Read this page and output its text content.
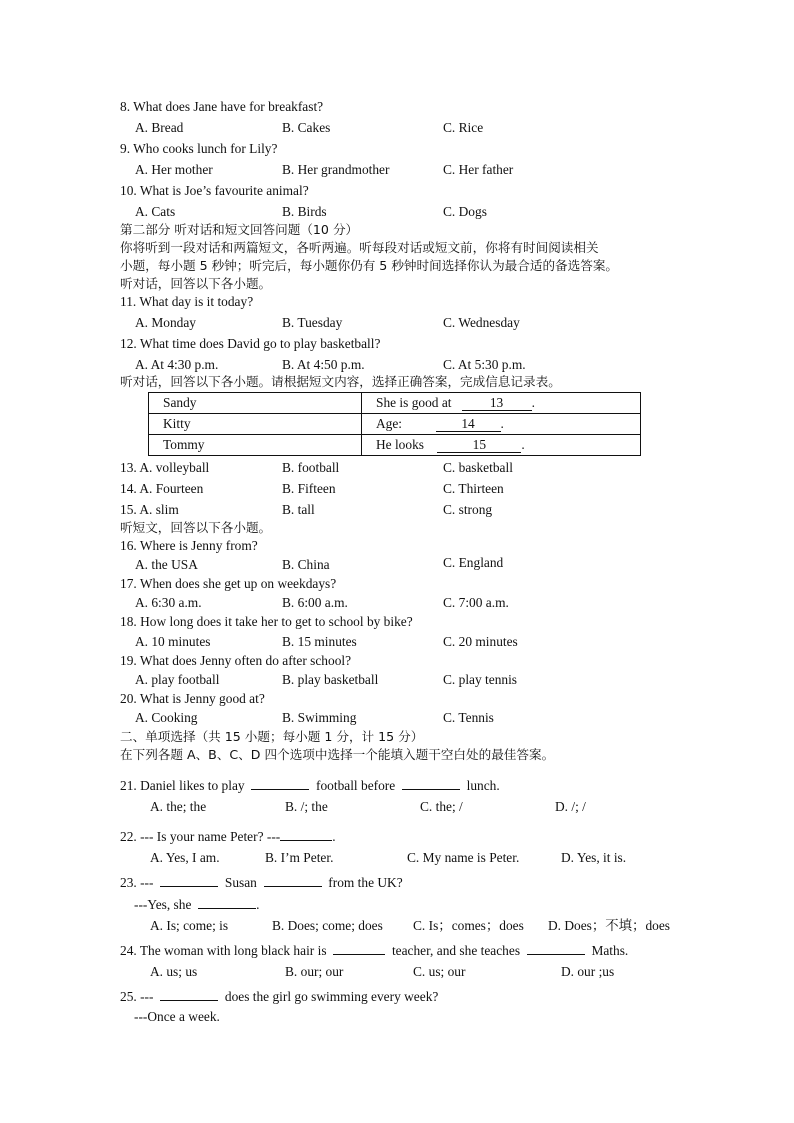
8. What does Jane have for breakfast?
A. Bread	B. Cakes	C. Rice
9. Who cooks lunch for Lily?
A. Her mother	B. Her grandmother	C. Her father
10. What is Joe’s favourite animal?
A. Cats	B. Birds	C. Dogs
第二部分 听对话和短文回答问题（10 分）
你将听到一段对话和两篇短文，各听两遍。听每段对话或短文前，你将有时间阅读相关
小题，每小题 5 秒钟；听完后，每小题你仍有 5 秒钟时间选择你认为最合适的备选答案。
听对话，回答以下各小题。
11. What day is it today?
A. Monday	B. Tuesday	C. Wednesday
12. What time does David go to play basketball?
A. At 4:30 p.m.	B. At 4:50 p.m.	C. At 5:30 p.m.
听对话，回答以下各小题。请根据短文内容，选择正确答案，完成信息记录表。
Sandy	She is good at 13 .
Kitty	Age: 14 .
Tommy	He looks 15 .
13. A. volleyball	B. football	C. basketball
14. A. Fourteen	B. Fifteen	C. Thirteen
15. A. slim	B. tall	C. strong
听短文，回答以下各小题。
16. Where is Jenny from?
A. the USA	B. China	C. England
17. When does she get up on weekdays?
A. 6:30 a.m.	B. 6:00 a.m.	C. 7:00 a.m.
18. How long does it take her to get to school by bike?
A. 10 minutes	B. 15 minutes	C. 20 minutes
19. What does Jenny often do after school?
A. play football	B. play basketball	C. play tennis
20. What is Jenny good at?
A. Cooking	B. Swimming	C. Tennis
二、单项选择（共 15 小题；每小题 1 分，计 15 分）
在下列各题 A、B、C、D 四个选项中选择一个能填入题干空白处的最佳答案。
21. Daniel likes to play	football before	lunch.
A. the; the	B. /; the	C. the; /	D. /; /
22. --- Is your name Peter? ---	.
A. Yes, I am.	B. I’m Peter.	C. My name is Peter.	D. Yes, it is.
23. ---	Susan	from the UK?
---Yes, she	.
A. Is; come; is	B. Does; come; does C. Is；comes；does D. Does；不填；does
24. The woman with long black hair is	teacher, and she teaches	Maths.
A. us; us	B. our; our	C. us; our	D. our ;us
25. ---	does the girl go swimming every week?
---Once a week.
